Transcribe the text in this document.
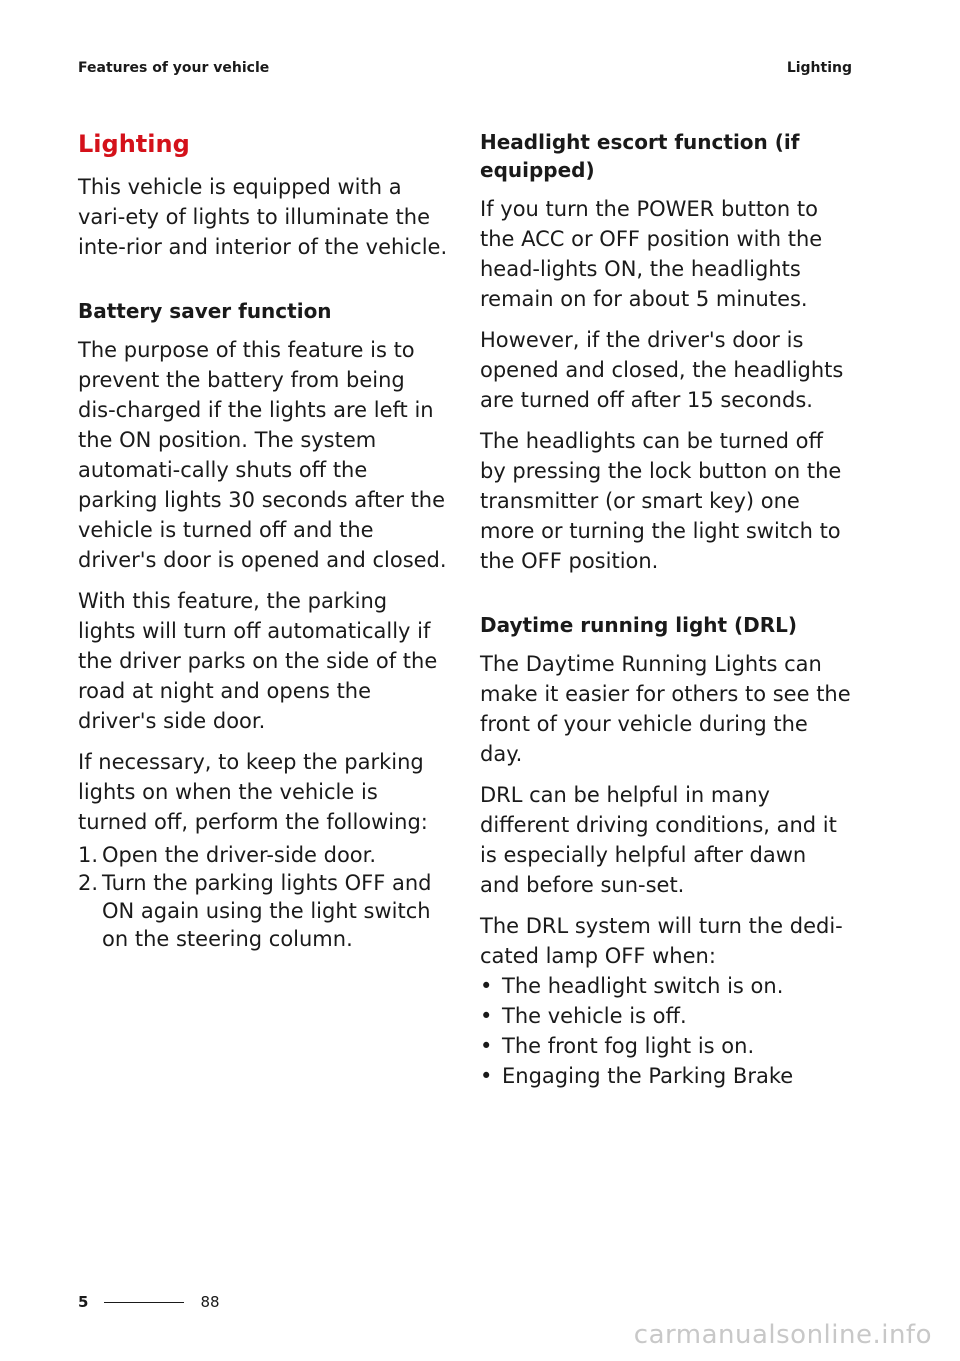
Features of your vehicle	Lighting
Lighting

This vehicle is equipped with a vari-ety of lights to illuminate the inte-rior and interior of the vehicle.

Battery saver function

The purpose of this feature is to prevent the battery from being dis-charged if the lights are left in the ON position. The system automati-cally shuts off the parking lights 30 seconds after the vehicle is turned off and the driver's door is opened and closed.

With this feature, the parking lights will turn off automatically if the driver parks on the side of the road at night and opens the driver's side door.

If necessary, to keep the parking lights on when the vehicle is turned off, perform the following:

1. Open the driver-side door.
2. Turn the parking lights OFF and ON again using the light switch on the steering column.
Headlight escort function (if equipped)

If you turn the POWER button to the ACC or OFF position with the head-lights ON, the headlights remain on for about 5 minutes.

However, if the driver's door is opened and closed, the headlights are turned off after 15 seconds.

The headlights can be turned off by pressing the lock button on the transmitter (or smart key) one more or turning the light switch to the OFF position.

Daytime running light (DRL)

The Daytime Running Lights can make it easier for others to see the front of your vehicle during the day.

DRL can be helpful in many different driving conditions, and it is especially helpful after dawn and before sun-set.

The DRL system will turn the dedi-cated lamp OFF when:

• The headlight switch is on.
• The vehicle is off.
• The front fog light is on.
• Engaging the Parking Brake
5	88
carmanualsonline.info
